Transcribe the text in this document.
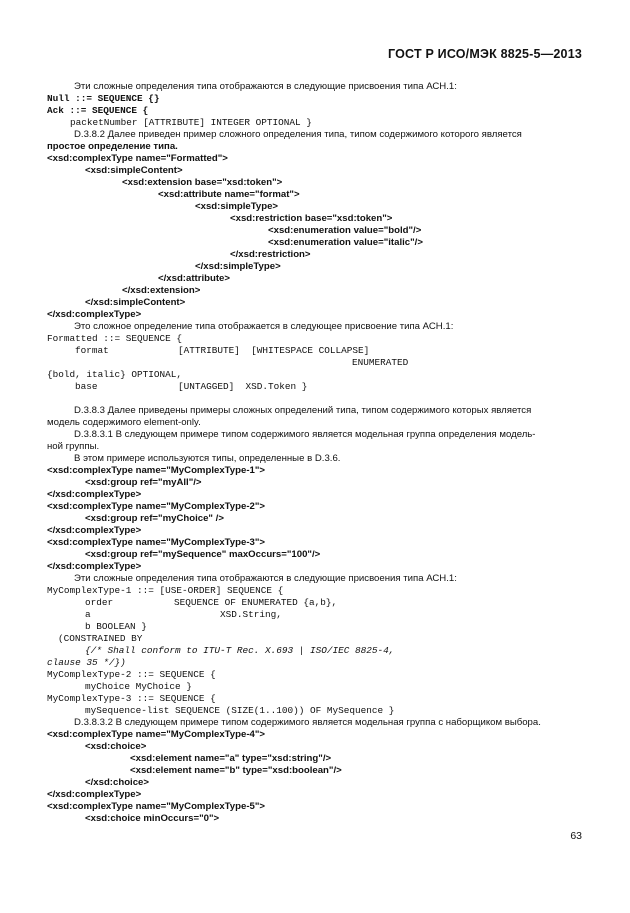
ГОСТ Р ИСО/МЭК 8825-5—2013
Эти сложные определения типа отображаются в следующие присвоения типа АСН.1:
Null ::= SEQUENCE {}
Ack ::= SEQUENCE {
packetNumber [ATTRIBUTE] INTEGER OPTIONAL }
D.3.8.2 Далее приведен пример сложного определения типа, типом содержимого которого является
простое определение типа.
<xsd:complexType name="Formatted">
<xsd:simpleContent>
<xsd:extension base="xsd:token">
<xsd:attribute name="format">
<xsd:simpleType>
<xsd:restriction base="xsd:token">
<xsd:enumeration value="bold"/>
<xsd:enumeration value="italic"/>
</xsd:restriction>
</xsd:simpleType>
</xsd:attribute>
</xsd:extension>
</xsd:simpleContent>
</xsd:complexType>
Это сложное определение типа отображается в следующее присвоение типа АСН.1:
Formatted ::= SEQUENCE {
format	[ATTRIBUTE]  [WHITESPACE COLLAPSE]
ENUMERATED
{bold, italic} OPTIONAL,
base	[UNTAGGED]  XSD.Token }
D.3.8.3 Далее приведены примеры сложных определений типа, типом содержимого которых является
модель содержимого element-only.
D.3.8.3.1 В следующем примере типом содержимого является модельная группа определения модель-
ной группы.
В этом примере используются типы, определенные в D.3.6.
<xsd:complexType name="MyComplexType-1">
<xsd:group ref="myAll"/>
</xsd:complexType>
<xsd:complexType name="MyComplexType-2">
<xsd:group ref="myChoice" />
</xsd:complexType>
<xsd:complexType name="MyComplexType-3">
<xsd:group ref="mySequence" maxOccurs="100"/>
</xsd:complexType>
Эти сложные определения типа отображаются в следующие присвоения типа АСН.1:
MyComplexType-1 ::= [USE-ORDER] SEQUENCE {
order	SEQUENCE OF ENUMERATED {a,b},
a	XSD.String,
b BOOLEAN }
(CONSTRAINED BY
{/* Shall conform to ITU-T Rec. X.693 | ISO/IEC 8825-4,
clause 35 */})
MyComplexType-2 ::= SEQUENCE {
myChoice MyChoice }
MyComplexType-3 ::= SEQUENCE {
mySequence-list SEQUENCE (SIZE(1..100)) OF MySequence }
D.3.8.3.2 В следующем примере типом содержимого является модельная группа с наборщиком выбора.
<xsd:complexType name="MyComplexType-4">
<xsd:choice>
<xsd:element name="a" type="xsd:string"/>
<xsd:element name="b" type="xsd:boolean"/>
</xsd:choice>
</xsd:complexType>
<xsd:complexType name="MyComplexType-5">
<xsd:choice minOccurs="0">
63
